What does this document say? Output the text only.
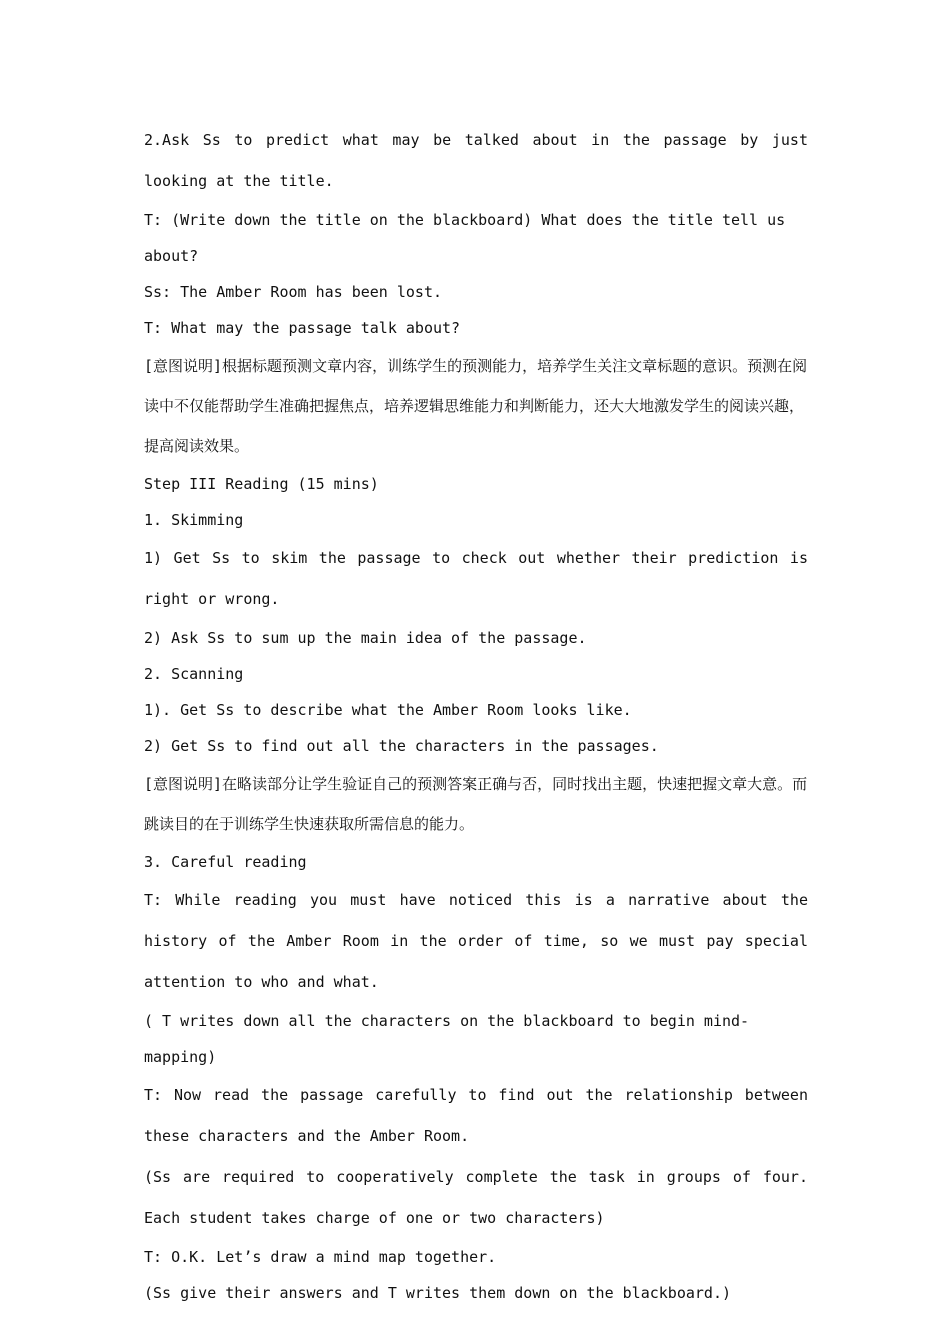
2.Ask Ss to predict what may be talked about in the passage by just looking at the title.

T: (Write down the title on the blackboard) What does the title tell us about?

Ss: The Amber Room has been lost.

T: What may the passage talk about?

[意图说明]根据标题预测文章内容，训练学生的预测能力，培养学生关注文章标题的意识。预测在阅读中不仅能帮助学生准确把握焦点，培养逻辑思维能力和判断能力，还大大地激发学生的阅读兴趣，提高阅读效果。

Step III Reading (15 mins)

1. Skimming

1) Get Ss to skim the passage to check out whether their prediction is right or wrong.

2) Ask Ss to sum up the main idea of the passage.

2. Scanning

1). Get Ss to describe what the Amber Room looks like.

2) Get Ss to find out all the characters in the passages.

[意图说明]在略读部分让学生验证自己的预测答案正确与否，同时找出主题，快速把握文章大意。而跳读目的在于训练学生快速获取所需信息的能力。

3. Careful reading

T: While reading you must have noticed this is a narrative about the history of the Amber Room in the order of time, so we must pay special attention to who and what.

( T writes down all the characters on the blackboard to begin mind-mapping)

T: Now read the passage carefully to find out the relationship between these characters and the Amber Room.

(Ss are required to cooperatively complete the task in groups of four. Each student takes charge of one or two characters)

T: O.K. Let’s draw a mind map together.

(Ss give their answers and T writes them down on the blackboard.)
